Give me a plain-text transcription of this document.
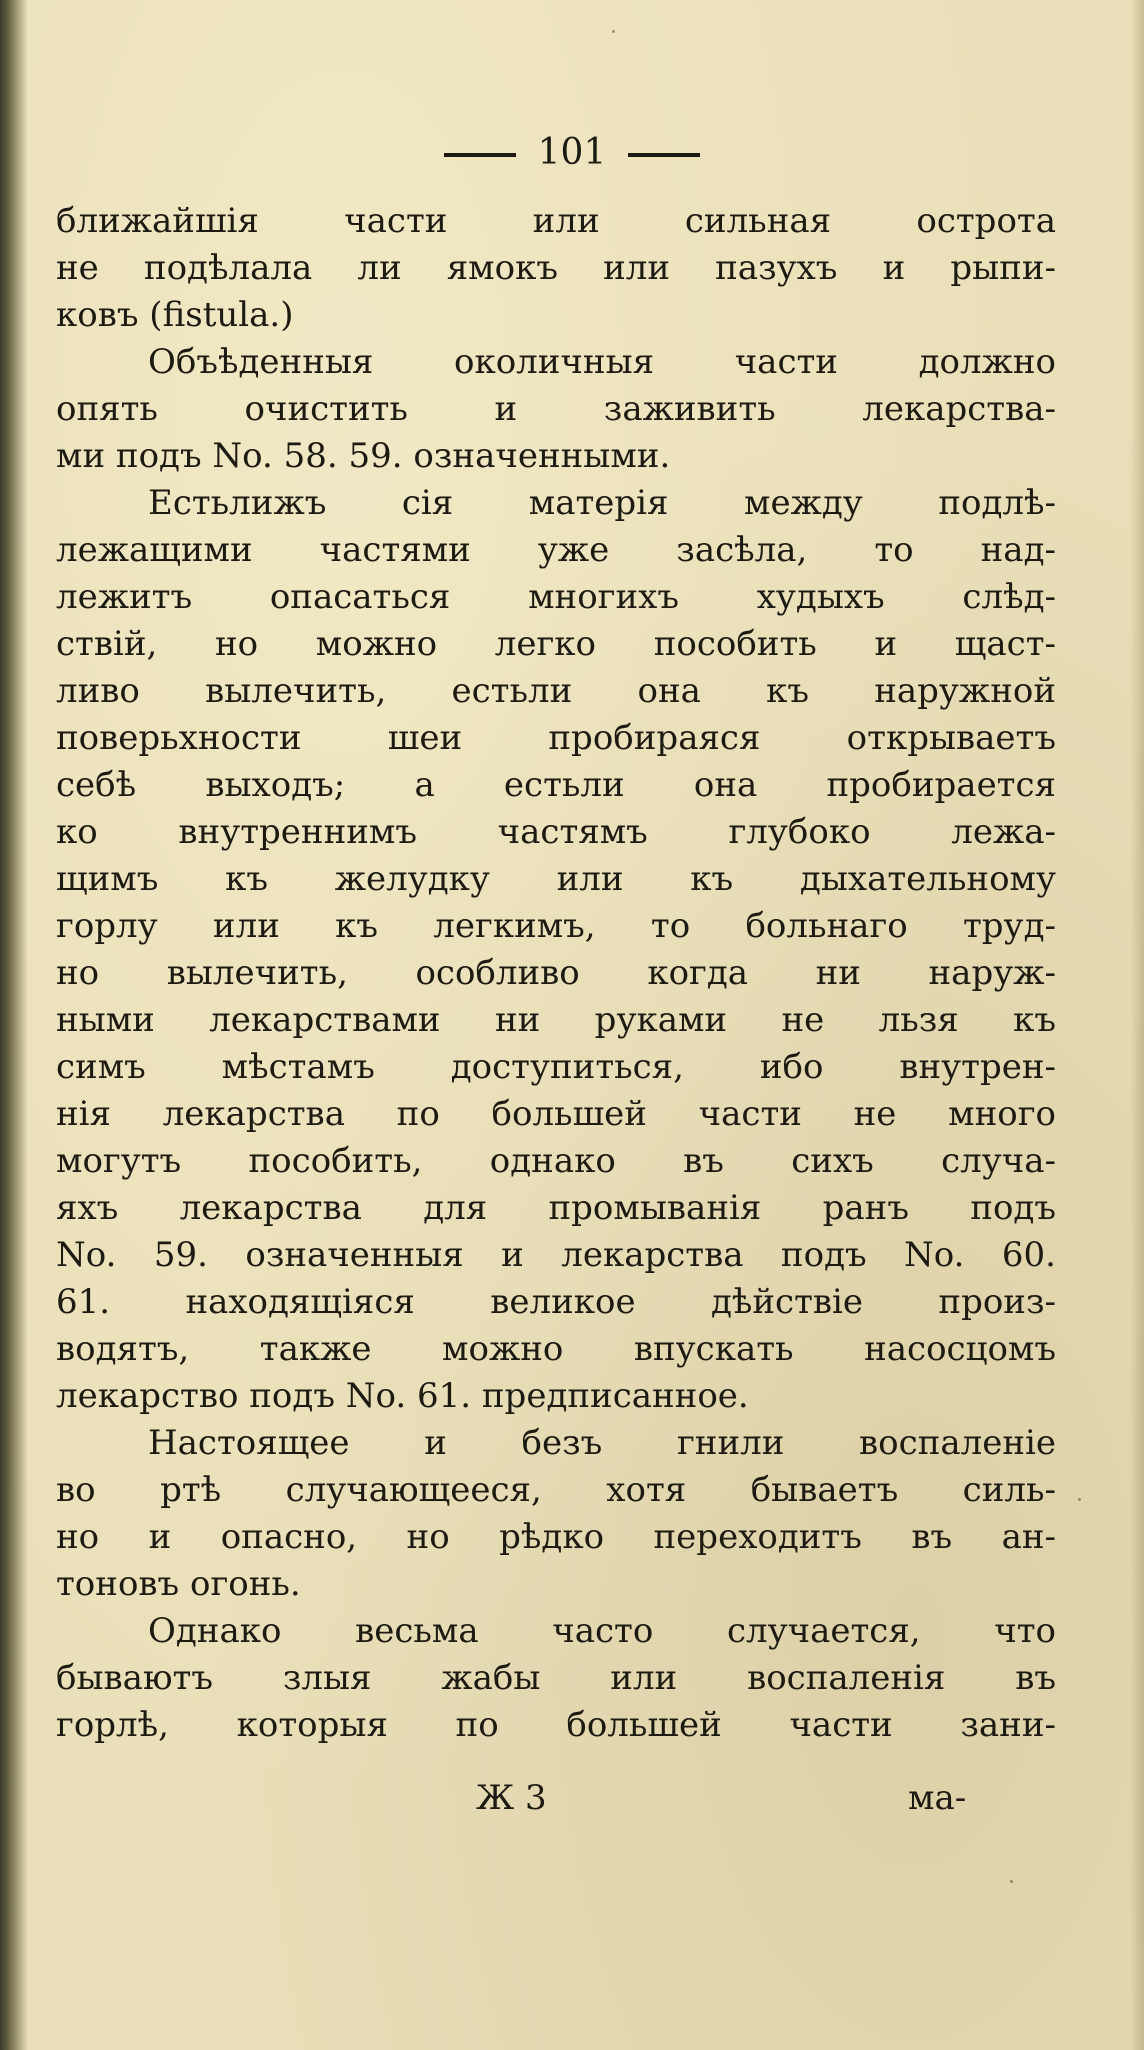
101
ближайшія части или сильная острота
не подѣлала ли ямокъ или пазухъ и рыпи-
ковъ (fistula.)
Объѣденныя околичныя части должно
опять очистить и заживить лекарства-
ми подъ No. 58. 59. означенными.
Естьлижъ сія матерія между подлѣ-
лежащими частями уже засѣла, то над-
лежитъ опасаться многихъ худыхъ слѣд-
ствій, но можно легко пособить и щаст-
ливо вылечить, естьли она къ наружной
поверьхности шеи пробираяся открываетъ
себѣ выходъ; а естьли она пробирается
ко внутреннимъ частямъ глубоко лежа-
щимъ къ желудку или къ дыхательному
горлу или къ легкимъ, то больнаго труд-
но вылечить, особливо когда ни наруж-
ными лекарствами ни руками не льзя къ
симъ мѣстамъ доступиться, ибо внутрен-
нія лекарства по большей части не много
могутъ пособить, однако въ сихъ случа-
яхъ лекарства для промыванія ранъ подъ
No. 59. означенныя и лекарства подъ No. 60.
61. находящіяся великое дѣйствіе произ-
водятъ, также можно впускать насосцомъ
лекарство подъ No. 61. предписанное.
Настоящее и безъ гнили воспаленіе
во ртѣ случающееся, хотя бываетъ силь-
но и опасно, но рѣдко переходитъ въ ан-
тоновъ огонь.
Однако весьма часто случается, что
бываютъ злыя жабы или воспаленія въ
горлѣ, которыя по большей части зани-
Ж 3	ма-
